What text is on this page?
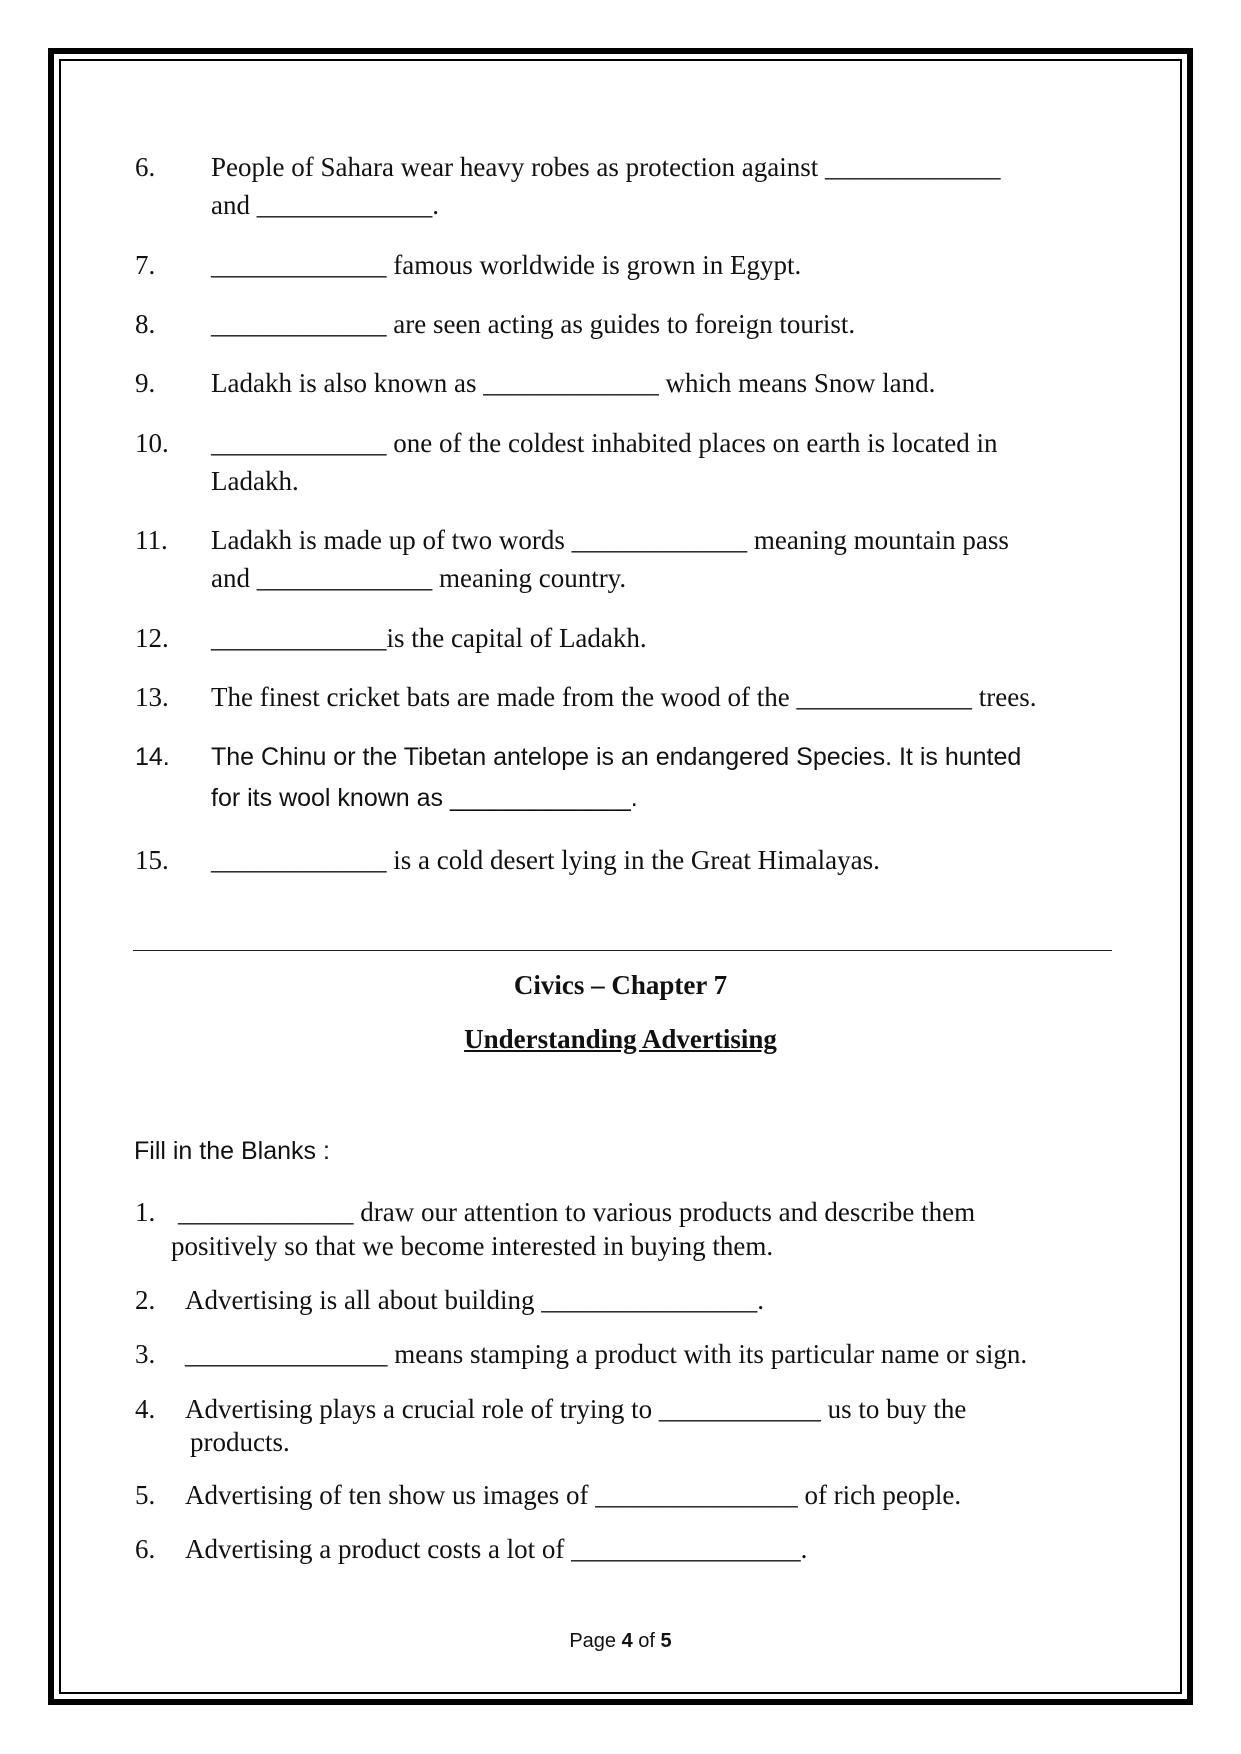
6. People of Sahara wear heavy robes as protection against _____________
and _____________.
7. _____________ famous worldwide is grown in Egypt.
8. _____________ are seen acting as guides to foreign tourist.
9. Ladakh is also known as _____________ which means Snow land.
10. _____________ one of the coldest inhabited places on earth is located in
Ladakh.
11. Ladakh is made up of two words _____________ meaning mountain pass
and _____________ meaning country.
12. _____________is the capital of Ladakh.
13. The finest cricket bats are made from the wood of the _____________ trees.
14. The Chinu or the Tibetan antelope is an endangered Species. It is hunted
for its wool known as _____________.
15. _____________ is a cold desert lying in the Great Himalayas.
Civics – Chapter 7
Understanding Advertising
Fill in the Blanks :
1. _____________ draw our attention to various products and describe them
positively so that we become interested in buying them.
2. Advertising is all about building ________________.
3. _______________ means stamping a product with its particular name or sign.
4. Advertising plays a crucial role of trying to ____________ us to buy the
products.
5. Advertising of ten show us images of _______________ of rich people.
6. Advertising a product costs a lot of _________________.
Page 4 of 5
